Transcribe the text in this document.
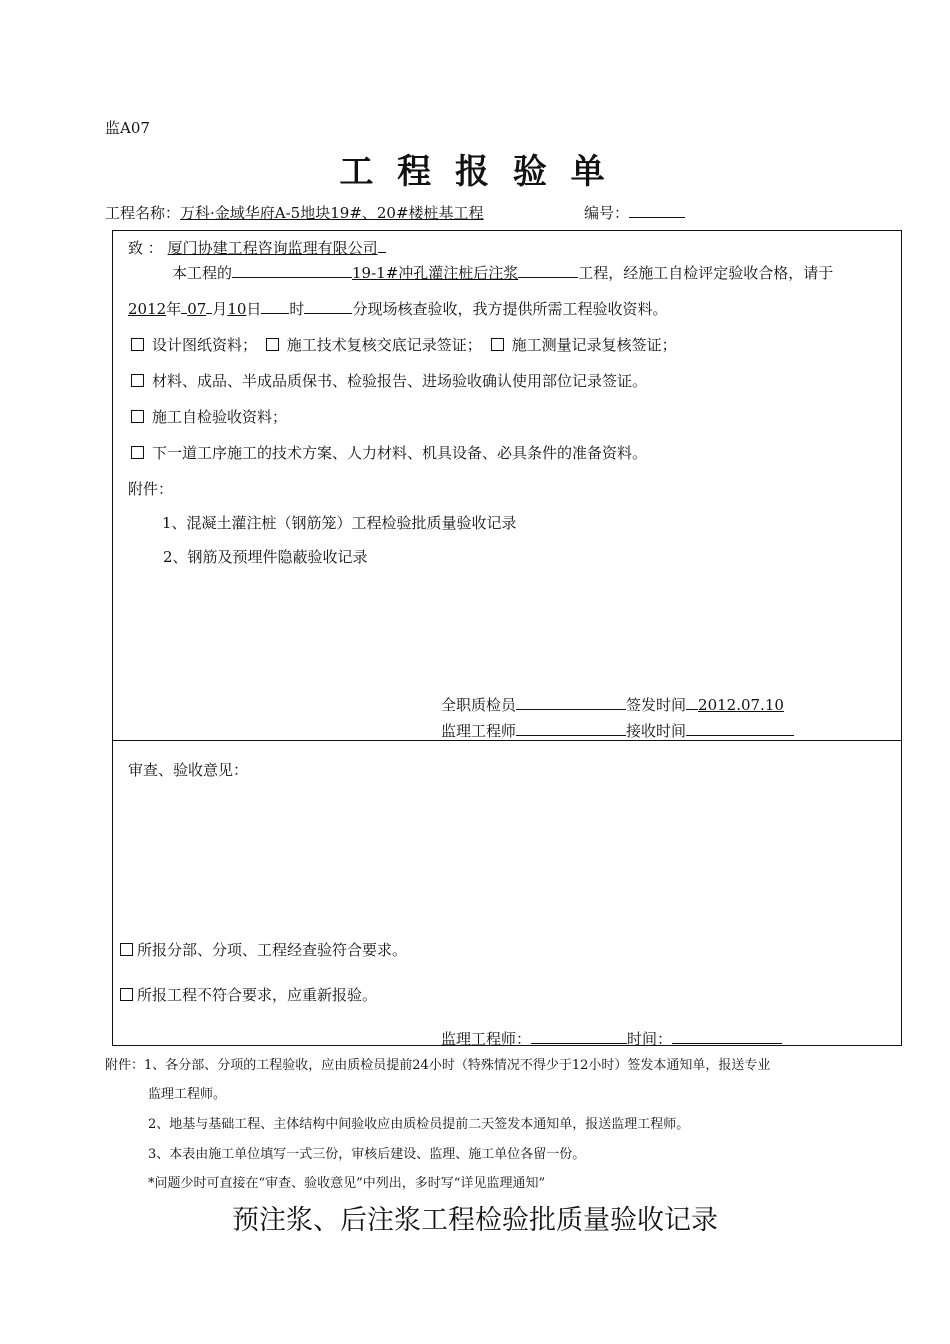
监A07
工 程 报 验 单
工程名称：万科·金域华府A-5地块19#、20#楼桩基工程	编号：
致 ： 厦门协建工程咨询监理有限公司
本工程的	19-1#冲孔灌注桩后注浆	工程，经施工自检评定验收合格，请于
2012年 07 月10日 时	分现场核查验收，我方提供所需工程验收资料。
设计图纸资料； 施工技术复核交底记录签证； 施工测量记录复核签证；
材料、成品、半成品质保书、检验报告、进场验收确认使用部位记录签证。
施工自检验收资料；
下一道工序施工的技术方案、人力材料、机具设备、必具条件的准备资料。
附件：
1、混凝土灌注桩（钢筋笼）工程检验批质量验收记录
2、钢筋及预埋件隐蔽验收记录
全职质检员	签发时间 2012.07.10
监理工程师	接收时间
审查、验收意见：
所报分部、分项、工程经查验符合要求。
所报工程不符合要求，应重新报验。
监理工程师：	时间：
附件：1、各分部、分项的工程验收，应由质检员提前24小时（特殊情况不得少于12小时）签发本通知单，报送专业
监理工程师。
2、地基与基础工程、主体结构中间验收应由质检员提前二天签发本通知单，报送监理工程师。
3、本表由施工单位填写一式三份，审核后建设、监理、施工单位各留一份。
*问题少时可直接在“审查、验收意见”中列出，多时写“详见监理通知”
预注浆、后注浆工程检验批质量验收记录
